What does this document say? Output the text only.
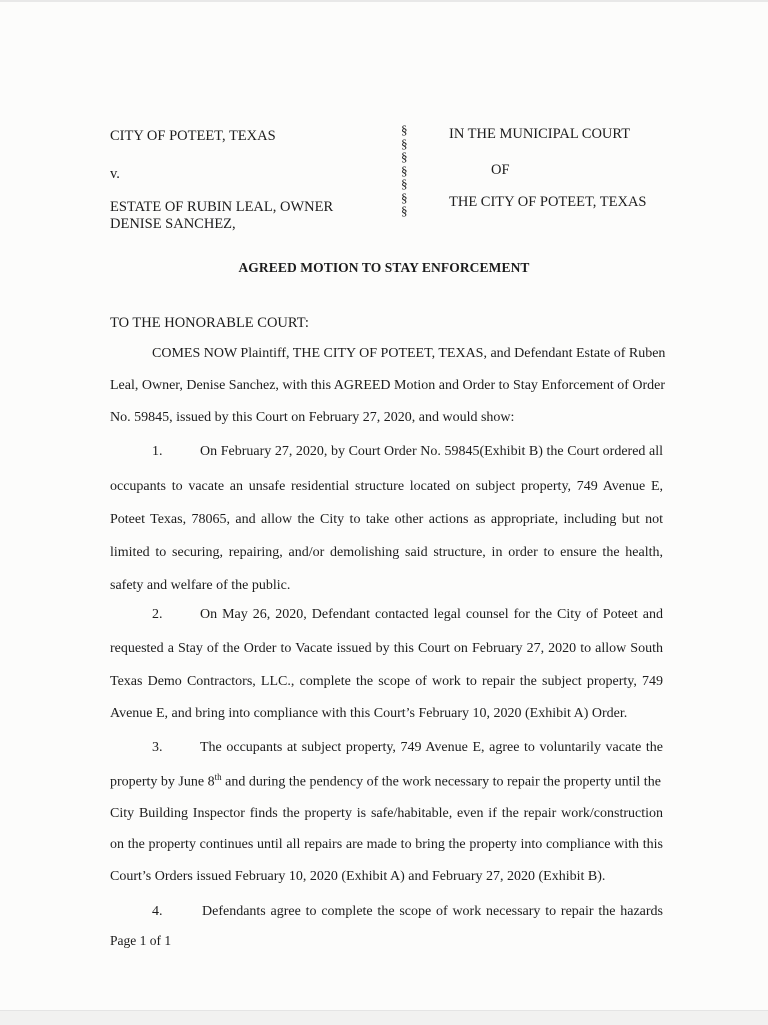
CITY OF POTEET, TEXAS
v.
ESTATE OF RUBIN LEAL, OWNER
DENISE SANCHEZ,
§
§
§
§
§
§
§
IN THE MUNICIPAL COURT
OF
THE CITY OF POTEET, TEXAS
AGREED MOTION TO STAY ENFORCEMENT
TO THE HONORABLE COURT:
COMES NOW Plaintiff, THE CITY OF POTEET, TEXAS, and Defendant Estate of Ruben
Leal, Owner, Denise Sanchez, with this AGREED Motion and Order to Stay Enforcement of Order
No. 59845, issued by this Court on February 27, 2020, and would show:
1.	On February 27, 2020, by Court Order No. 59845(Exhibit B) the Court ordered all
occupants to vacate an unsafe residential structure located on subject property, 749 Avenue E,
Poteet Texas, 78065, and allow the City to take other actions as appropriate, including but not
limited to securing, repairing, and/or demolishing said structure, in order to ensure the health,
safety and welfare of the public.
2.	On May 26, 2020, Defendant contacted legal counsel for the City of Poteet and
requested a Stay of the Order to Vacate issued by this Court on February 27, 2020 to allow South
Texas Demo Contractors, LLC., complete the scope of work to repair the subject property, 749
Avenue E, and bring into compliance with this Court’s February 10, 2020 (Exhibit A) Order.
3.	The occupants at subject property, 749 Avenue E, agree to voluntarily vacate the
property by June 8th and during the pendency of the work necessary to repair the property until the
City Building Inspector finds the property is safe/habitable, even if the repair work/construction
on the property continues until all repairs are made to bring the property into compliance with this
Court’s Orders issued February 10, 2020 (Exhibit A) and February 27, 2020 (Exhibit B).
4.	Defendants agree to complete the scope of work necessary to repair the hazards
Page 1 of 1
